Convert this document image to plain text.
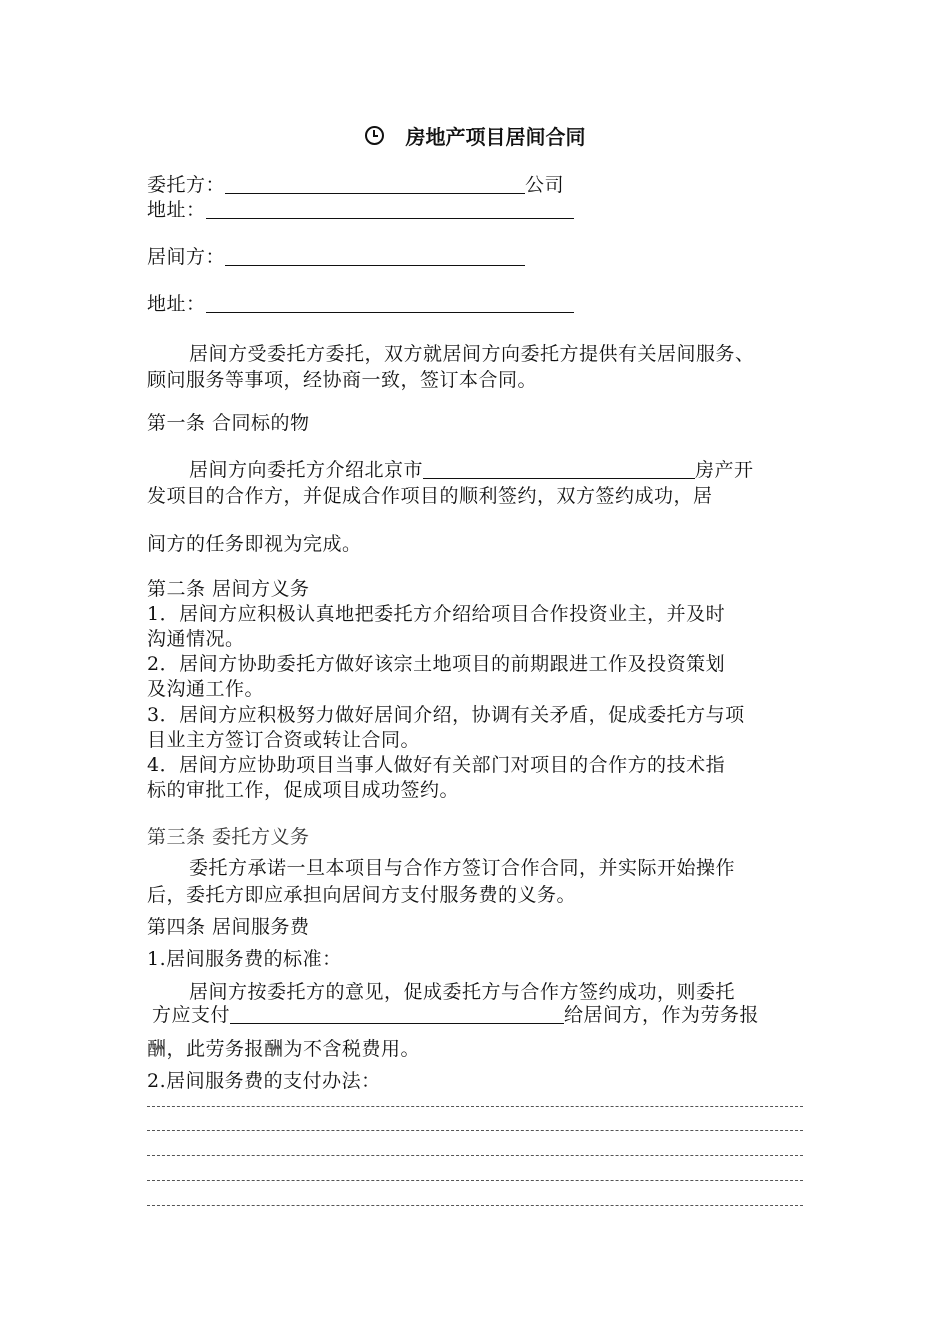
房地产项目居间合同
委托方：	公司
地址：
居间方：
地址：
居间方受委托方委托，双方就居间方向委托方提供有关居间服务、
顾问服务等事项，经协商一致，签订本合同。
第一条 合同标的物
居间方向委托方介绍北京市	房产开
发项目的合作方，并促成合作项目的顺利签约，双方签约成功，居
间方的任务即视为完成。
第二条 居间方义务
1．居间方应积极认真地把委托方介绍给项目合作投资业主，并及时
沟通情况。
2．居间方协助委托方做好该宗土地项目的前期跟进工作及投资策划
及沟通工作。
3．居间方应积极努力做好居间介绍，协调有关矛盾，促成委托方与项
目业主方签订合资或转让合同。
4．居间方应协助项目当事人做好有关部门对项目的合作方的技术指
标的审批工作，促成项目成功签约。
第三条 委托方义务
委托方承诺一旦本项目与合作方签订合作合同，并实际开始操作
后，委托方即应承担向居间方支付服务费的义务。
第四条 居间服务费
1.居间服务费的标准：
居间方按委托方的意见，促成委托方与合作方签约成功，则委托
方应支付	给居间方，作为劳务报
酬，此劳务报酬为不含税费用。
2.居间服务费的支付办法：
